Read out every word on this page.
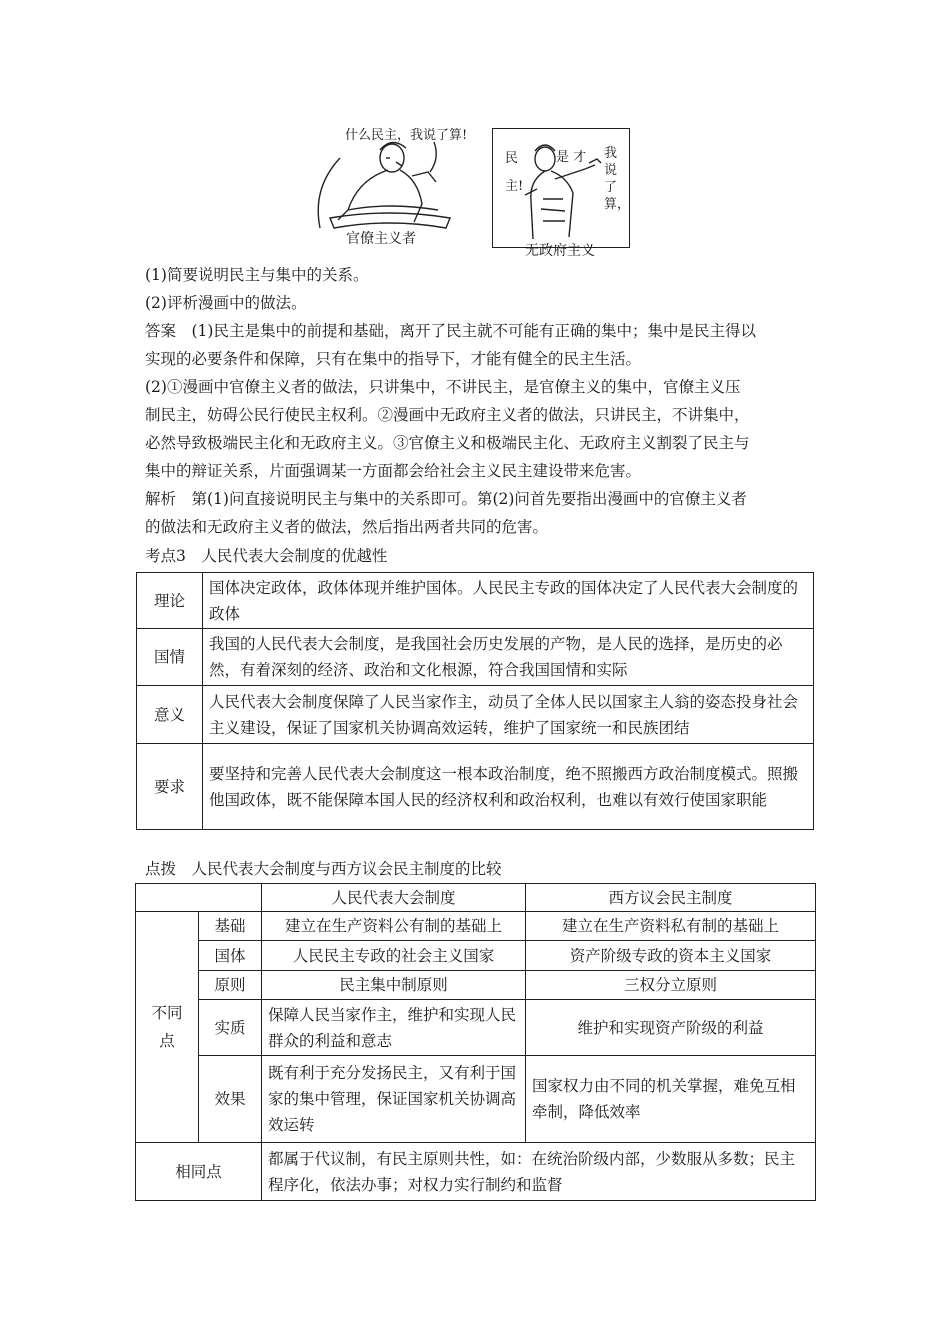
什么民主，我说了算!
官僚主义者
民主!
是 才 我说了算，
无政府主义
(1)简要说明民主与集中的关系。
(2)评析漫画中的做法。
答案　(1)民主是集中的前提和基础，离开了民主就不可能有正确的集中；集中是民主得以
实现的必要条件和保障，只有在集中的指导下，才能有健全的民主生活。
(2)①漫画中官僚主义者的做法，只讲集中，不讲民主，是官僚主义的集中，官僚主义压
制民主，妨碍公民行使民主权利。②漫画中无政府主义者的做法，只讲民主，不讲集中，
必然导致极端民主化和无政府主义。③官僚主义和极端民主化、无政府主义割裂了民主与
集中的辩证关系，片面强调某一方面都会给社会主义民主建设带来危害。
解析　第(1)问直接说明民主与集中的关系即可。第(2)问首先要指出漫画中的官僚主义者
的做法和无政府主义者的做法，然后指出两者共同的危害。
考点3　人民代表大会制度的优越性
理论	国体决定政体，政体体现并维护国体。人民民主专政的国体决定了人民代表大会制度的政体
国情	我国的人民代表大会制度，是我国社会历史发展的产物，是人民的选择，是历史的必然，有着深刻的经济、政治和文化根源，符合我国国情和实际
意义	人民代表大会制度保障了人民当家作主，动员了全体人民以国家主人翁的姿态投身社会主义建设，保证了国家机关协调高效运转，维护了国家统一和民族团结
要求	要坚持和完善人民代表大会制度这一根本政治制度，绝不照搬西方政治制度模式。照搬他国政体，既不能保障本国人民的经济权利和政治权利，也难以有效行使国家职能
点拨　人民代表大会制度与西方议会民主制度的比较
		人民代表大会制度	西方议会民主制度
不同点	基础	建立在生产资料公有制的基础上	建立在生产资料私有制的基础上
	国体	人民民主专政的社会主义国家	资产阶级专政的资本主义国家
	原则	民主集中制原则	三权分立原则
	实质	保障人民当家作主，维护和实现人民群众的利益和意志	维护和实现资产阶级的利益
	效果	既有利于充分发扬民主，又有利于国家的集中管理，保证国家机关协调高效运转	国家权力由不同的机关掌握，难免互相牵制，降低效率
相同点		都属于代议制，有民主原则共性，如：在统治阶级内部，少数服从多数；民主程序化，依法办事；对权力实行制约和监督	
